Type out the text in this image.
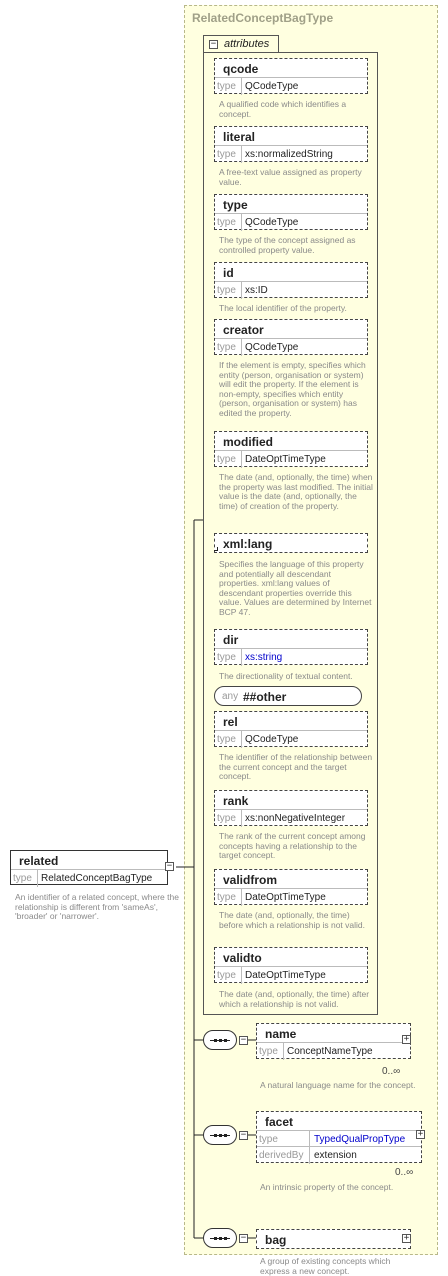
RelatedConceptBagType
− attributes
qcode
type QCodeType
A qualified code which identifies a concept.
literal
type xs:normalizedString
A free-text value assigned as property value.
type
type QCodeType
The type of the concept assigned as controlled property value.
id
type xs:ID
The local identifier of the property.
creator
type QCodeType
If the element is empty, specifies which entity (person, organisation or system) will edit the property. If the element is non-empty, specifies which entity (person, organisation or system) has edited the property.
modified
type DateOptTimeType
The date (and, optionally, the time) when the property was last modified. The initial value is the date (and, optionally, the time) of creation of the property.
xml:lang
Specifies the language of this property and potentially all descendant properties. xml:lang values of descendant properties override this value. Values are determined by Internet BCP 47.
dir
type xs:string
The directionality of textual content.
any ##other
rel
type QCodeType
The identifier of the relationship between the current concept and the target concept.
rank
type xs:nonNegativeInteger
The rank of the current concept among concepts having a relationship to the target concept.
validfrom
type DateOptTimeType
The date (and, optionally, the time) before which a relationship is not valid.
validto
type DateOptTimeType
The date (and, optionally, the time) after which a relationship is not valid.
related
type RelatedConceptBagType
−
An identifier of a related concept, where the relationship is different from 'sameAs', 'broader' or 'narrower'.
− name
type ConceptNameType
+
0..∞
A natural language name for the concept.
−
facet
type	TypedQualPropType
derivedBy extension
+
0..∞
An intrinsic property of the concept.
− bag	+
A group of existing concepts which express a new concept.
